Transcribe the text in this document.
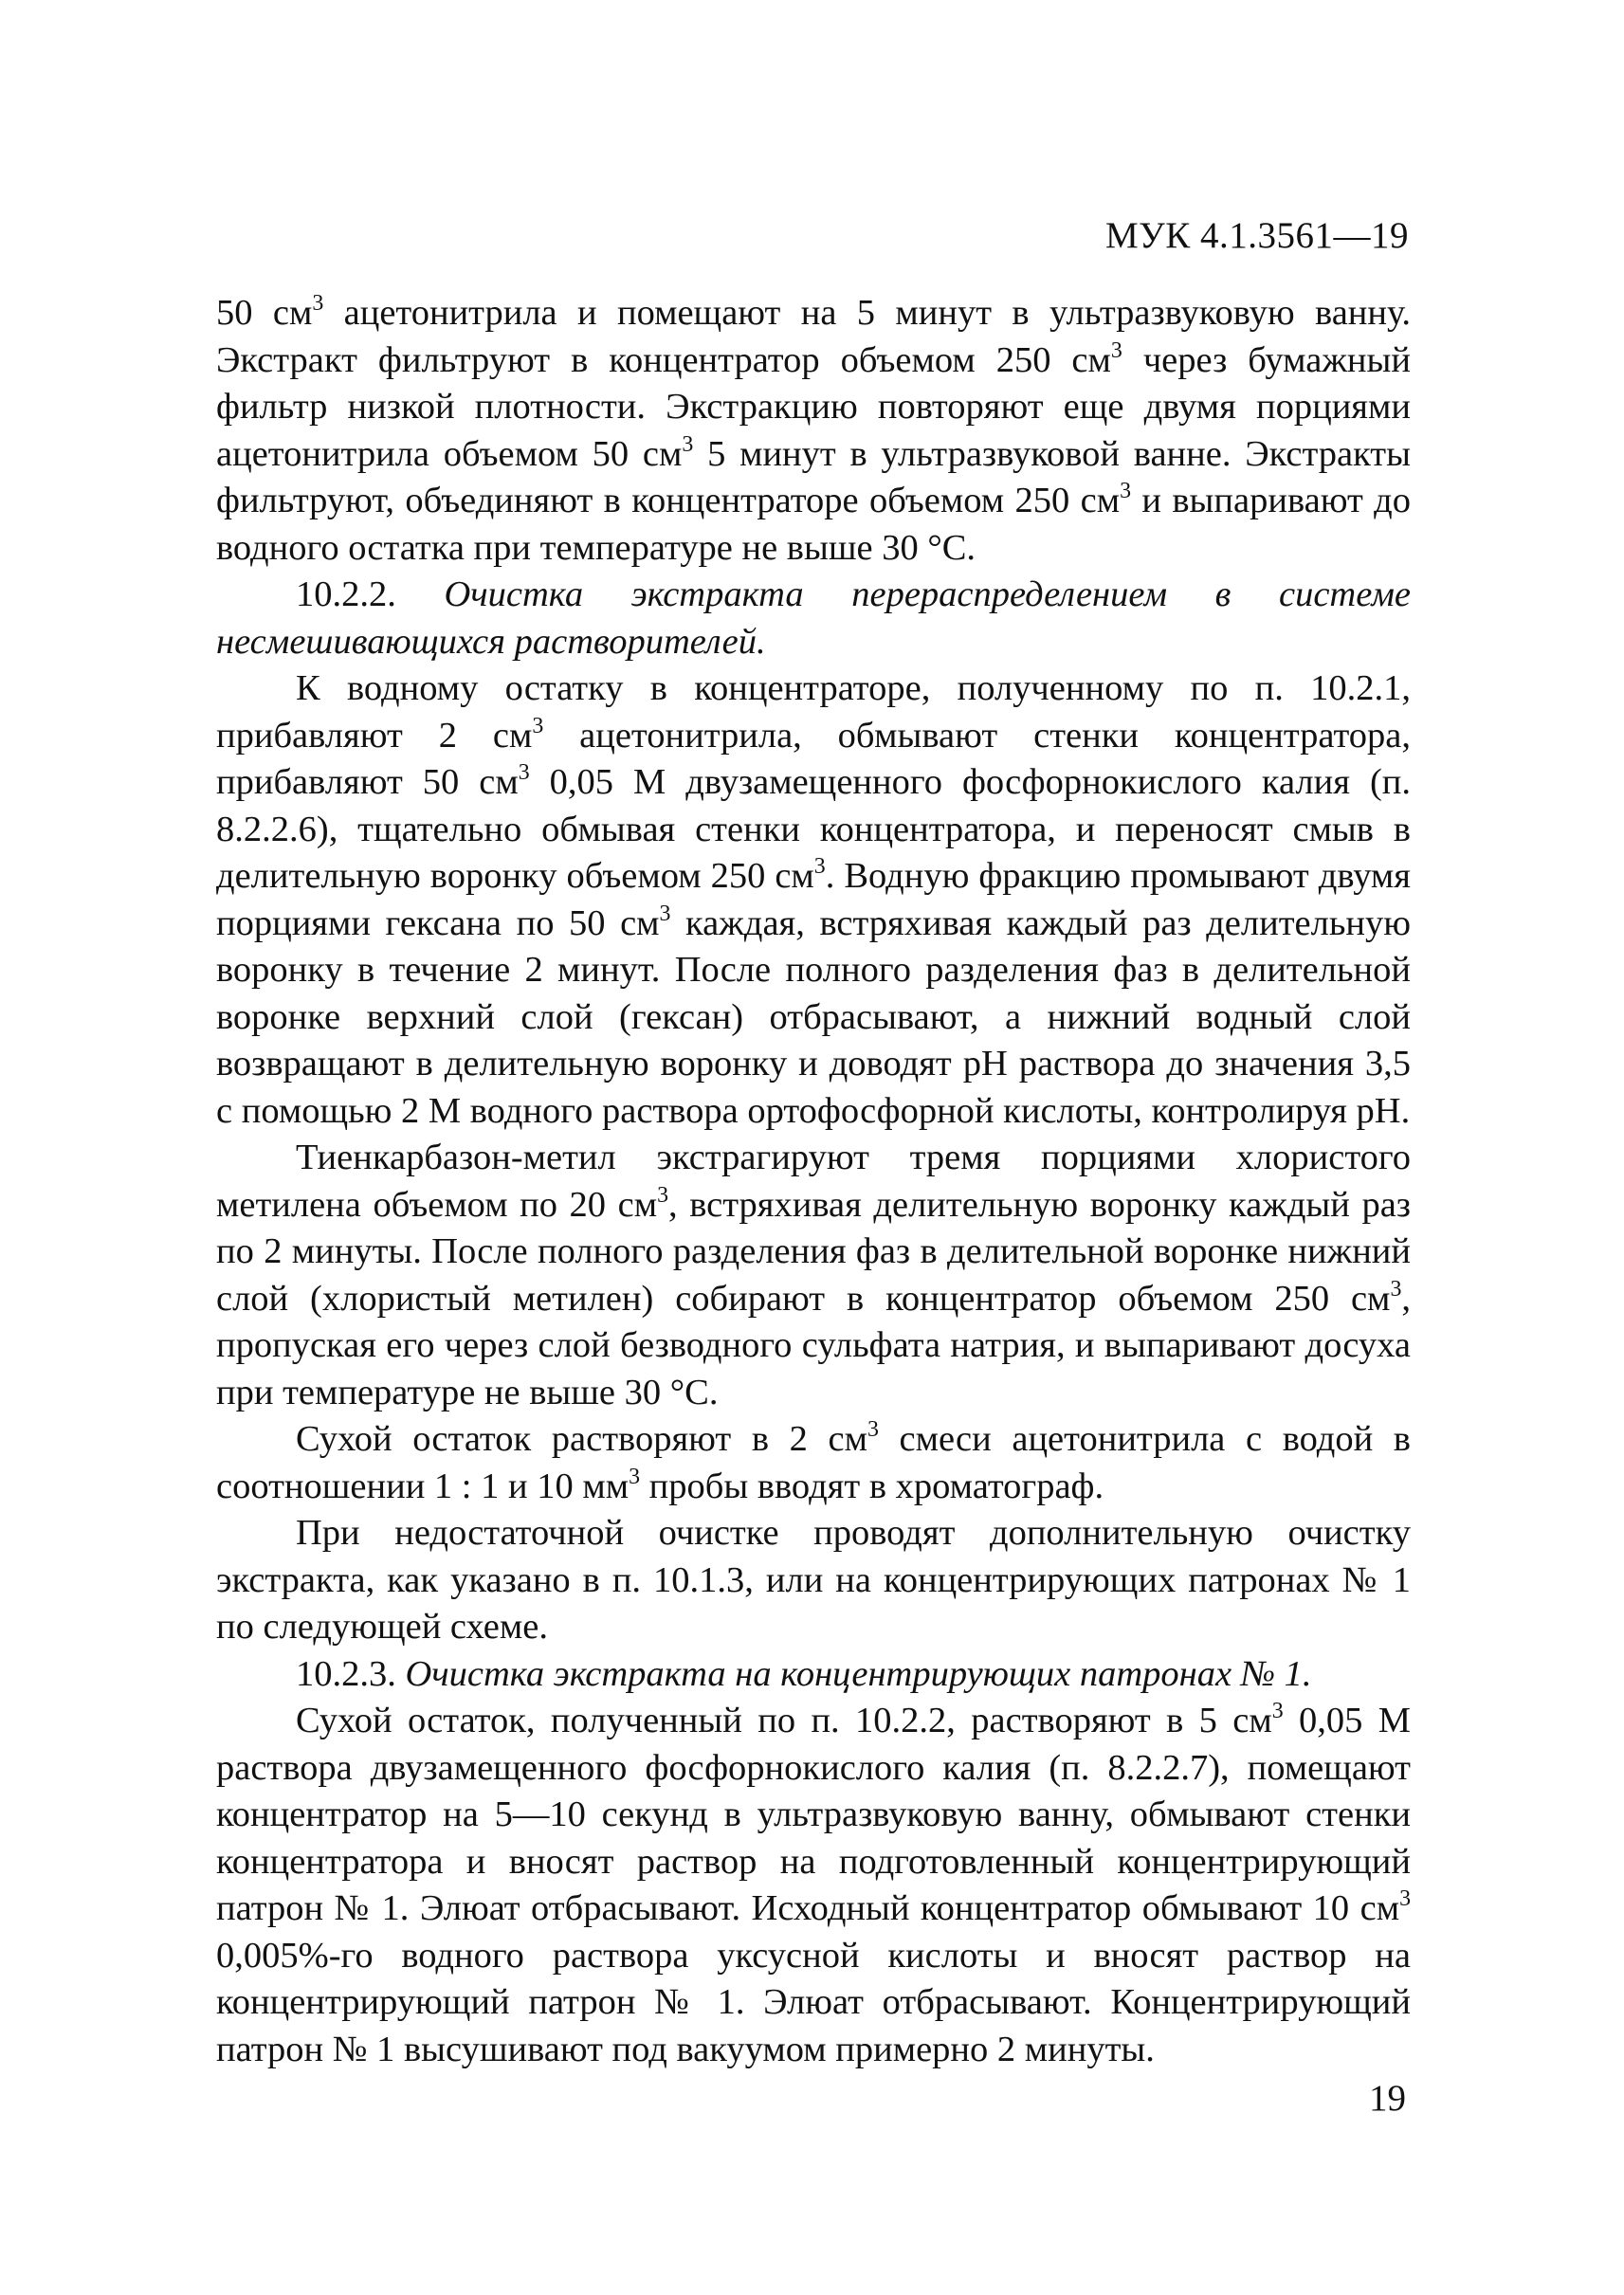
МУК 4.1.3561—19

50 $см^3$ ацетонитрила и помещают на 5 минут в ультразвуковую ванну. Экстракт фильтруют в концентратор объемом 250 $см^3$ через бумажный фильтр низкой плотности. Экстракцию повторяют еще двумя порциями ацетонитрила объемом 50 $см^3$ 5 минут в ультразвуковой ванне. Экстракты фильтруют, объединяют в концентраторе объемом 250 $см^3$ и выпаривают до водного остатка при температуре не выше 30 °С.

10.2.2. Очистка экстракта перераспределением в системе несмешивающихся растворителей.

К водному остатку в концентраторе, полученному по п. 10.2.1, прибавляют 2 $см^3$ ацетонитрила, обмывают стенки концентратора, прибавляют 50 $см^3$ 0,05 М двузамещенного фосфорнокислого калия (п. 8.2.2.6), тщательно обмывая стенки концентратора, и переносят смыв в делительную воронку объемом 250 $см^3$. Водную фракцию промывают двумя порциями гексана по 50 $см^3$ каждая, встряхивая каждый раз делительную воронку в течение 2 минут. После полного разделения фаз в делительной воронке верхний слой (гексан) отбрасывают, а нижний водный слой возвращают в делительную воронку и доводят рН раствора до значения 3,5 с помощью 2 М водного раствора ортофосфорной кислоты, контролируя рН.

Тиенкарбазон-метил экстрагируют тремя порциями хлористого метилена объемом по 20 $см^3$, встряхивая делительную воронку каждый раз по 2 минуты. После полного разделения фаз в делительной воронке нижний слой (хлористый метилен) собирают в концентратор объемом 250 $см^3$, пропуская его через слой безводного сульфата натрия, и выпаривают досуха при температуре не выше 30 °С.

Сухой остаток растворяют в 2 $см^3$ смеси ацетонитрила с водой в соотношении 1 : 1 и 10 $мм^3$ пробы вводят в хроматограф.

При недостаточной очистке проводят дополнительную очистку экстракта, как указано в п. 10.1.3, или на концентрирующих патронах № 1 по следующей схеме.

10.2.3. Очистка экстракта на концентрирующих патронах № 1.

Сухой остаток, полученный по п. 10.2.2, растворяют в 5 $см^3$ 0,05 М раствора двузамещенного фосфорнокислого калия (п. 8.2.2.7), помещают концентратор на 5—10 секунд в ультразвуковую ванну, обмывают стенки концентратора и вносят раствор на подготовленный концентрирующий патрон № 1. Элюат отбрасывают. Исходный концентратор обмывают 10 $см^3$ 0,005%-го водного раствора уксусной кислоты и вносят раствор на концентрирующий патрон № 1. Элюат отбрасывают. Концентрирующий патрон № 1 высушивают под вакуумом примерно 2 минуты.

19
